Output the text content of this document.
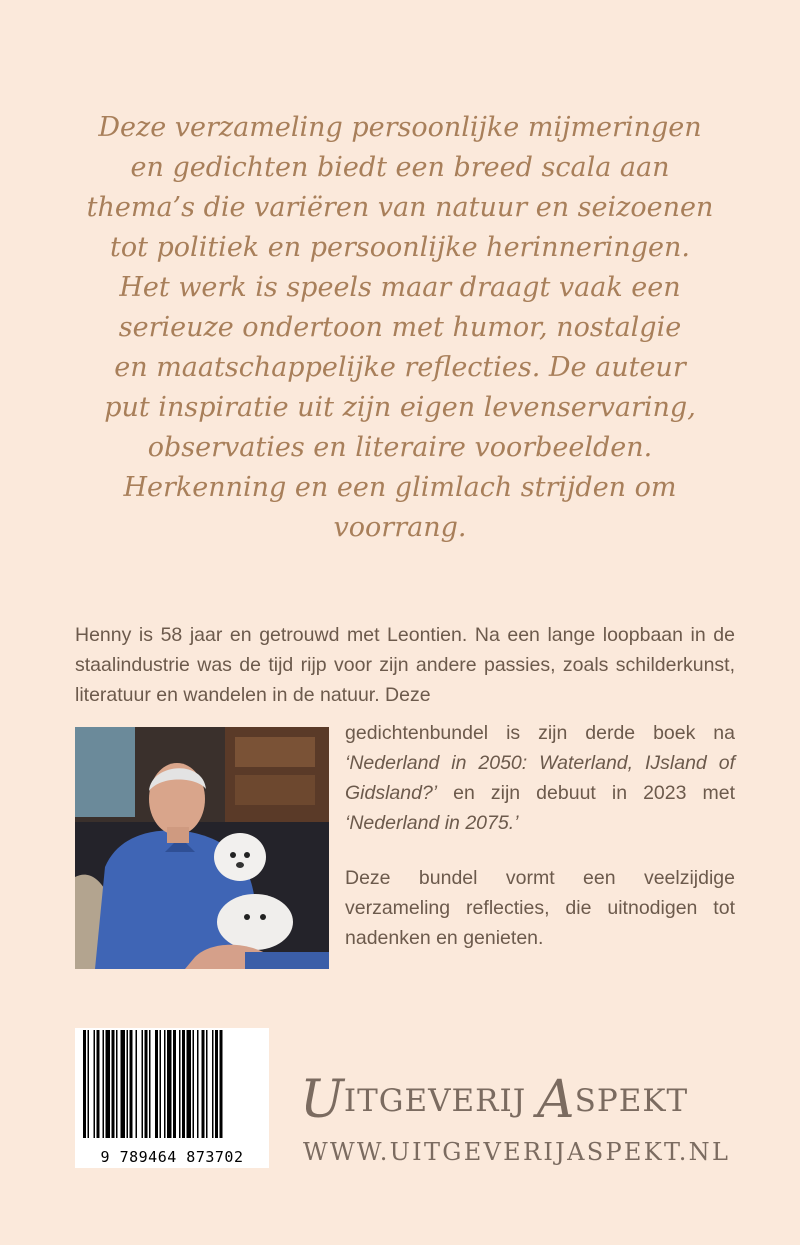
Deze verzameling persoonlijke mijmeringen

en gedichten biedt een breed scala aan

thema’s die variëren van natuur en seizoenen

tot politiek en persoonlijke herinneringen.

Het werk is speels maar draagt vaak een

serieuze ondertoon met humor, nostalgie

en maatschappelijke reflecties. De auteur

put inspiratie uit zijn eigen levenservaring,

observaties en literaire voorbeelden.

Herkenning en een glimlach strijden om

voorrang.

Henny is 58 jaar en getrouwd met Leontien. Na een lange loopbaan in de staalindustrie was de tijd rijp voor zijn andere passies, zoals schilderkunst, literatuur en wandelen in de natuur. Deze

gedichtenbundel is zijn derde boek na ‘Nederland in 2050: Waterland, IJsland of Gidsland?’ en zijn debuut in 2023 met ‘Nederland in 2075.’

Deze bundel vormt een veelzijdige verzameling reflecties, die uitnodigen tot nadenken en genieten.

9 789464 873702
UITGEVERIJ ASPEKT
WWW.UITGEVERIJASPEKT.NL
